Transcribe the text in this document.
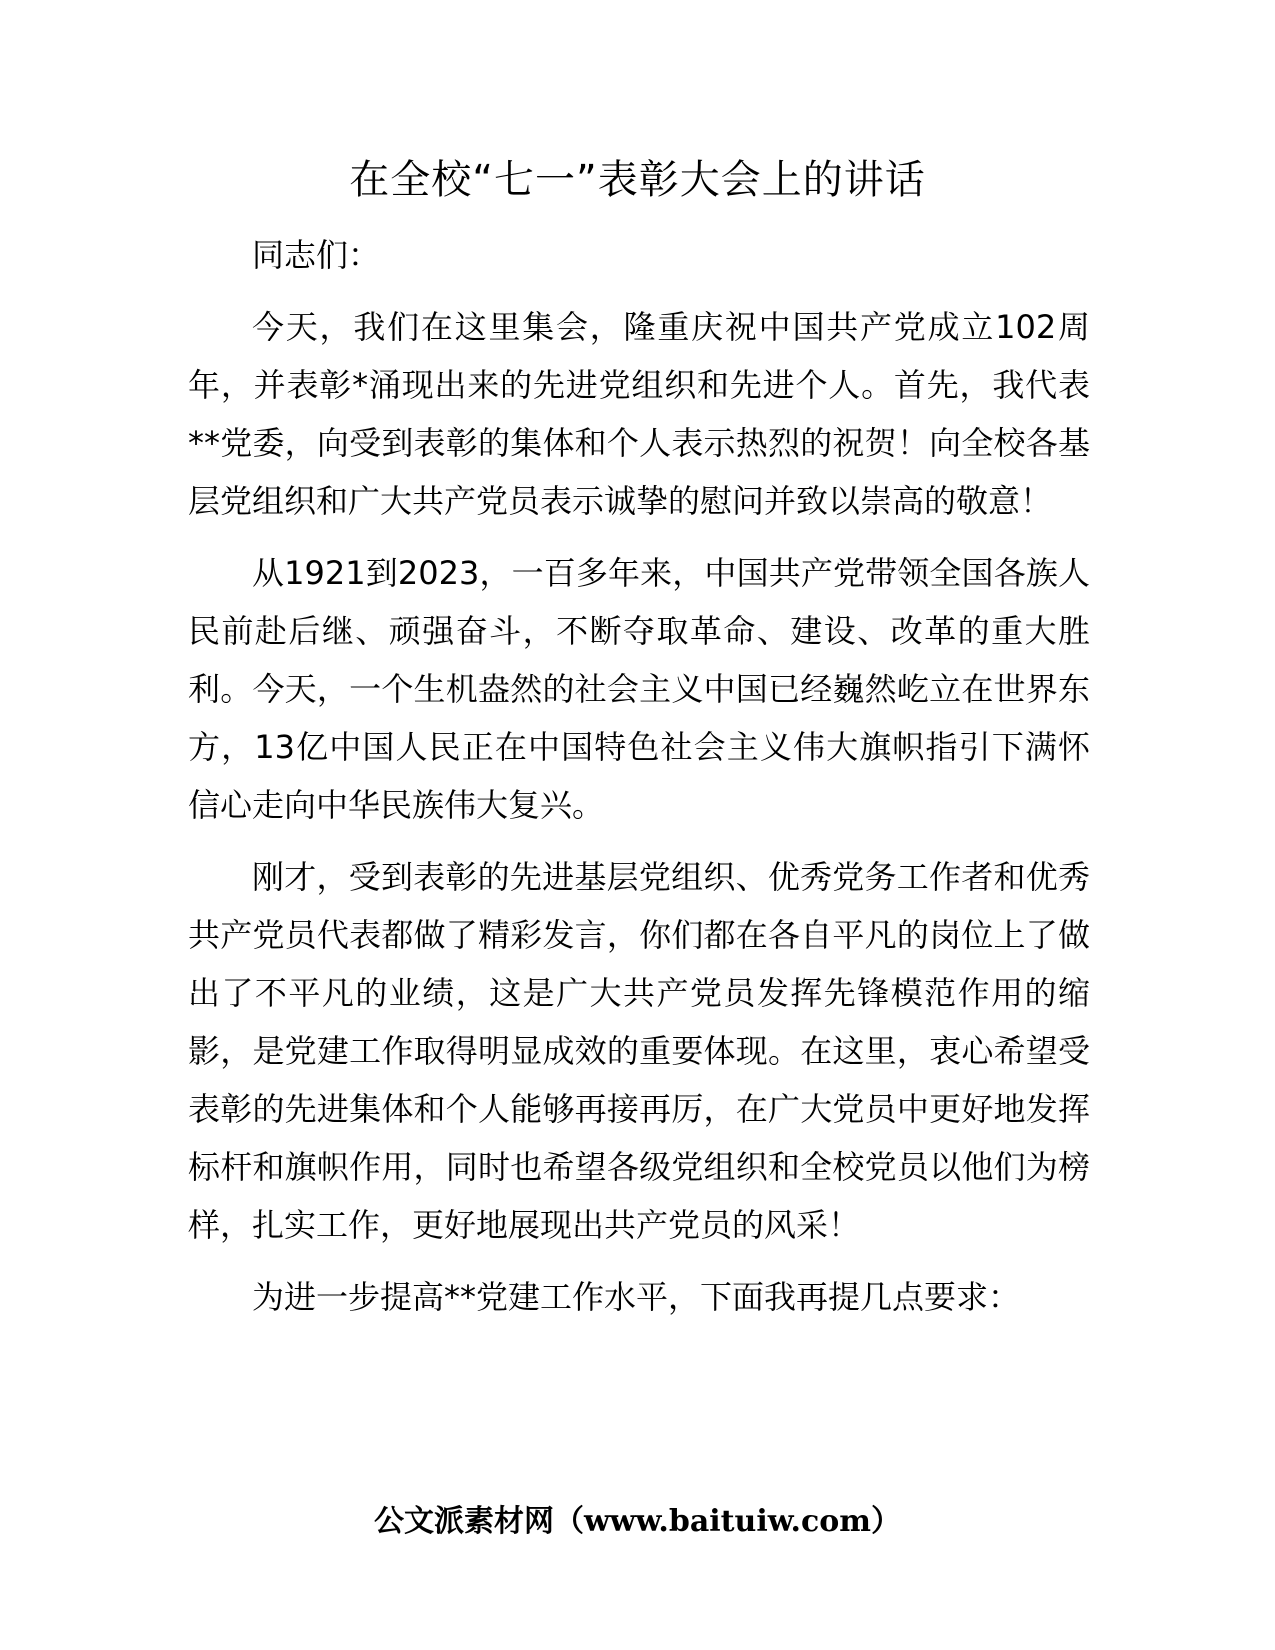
在全校“七一”表彰大会上的讲话

同志们：

今天，我们在这里集会，隆重庆祝中国共产党成立102周年，并表彰*涌现出来的先进党组织和先进个人。首先，我代表**党委，向受到表彰的集体和个人表示热烈的祝贺！向全校各基层党组织和广大共产党员表示诚挚的慰问并致以崇高的敬意！

从1921到2023，一百多年来，中国共产党带领全国各族人民前赴后继、顽强奋斗，不断夺取革命、建设、改革的重大胜利。今天，一个生机盎然的社会主义中国已经巍然屹立在世界东方，13亿中国人民正在中国特色社会主义伟大旗帜指引下满怀信心走向中华民族伟大复兴。

刚才，受到表彰的先进基层党组织、优秀党务工作者和优秀共产党员代表都做了精彩发言，你们都在各自平凡的岗位上了做出了不平凡的业绩，这是广大共产党员发挥先锋模范作用的缩影，是党建工作取得明显成效的重要体现。在这里，衷心希望受表彰的先进集体和个人能够再接再厉，在广大党员中更好地发挥标杆和旗帜作用，同时也希望各级党组织和全校党员以他们为榜样，扎实工作，更好地展现出共产党员的风采！

为进一步提高**党建工作水平，下面我再提几点要求：

公文派素材网（www.baituiw.com）
